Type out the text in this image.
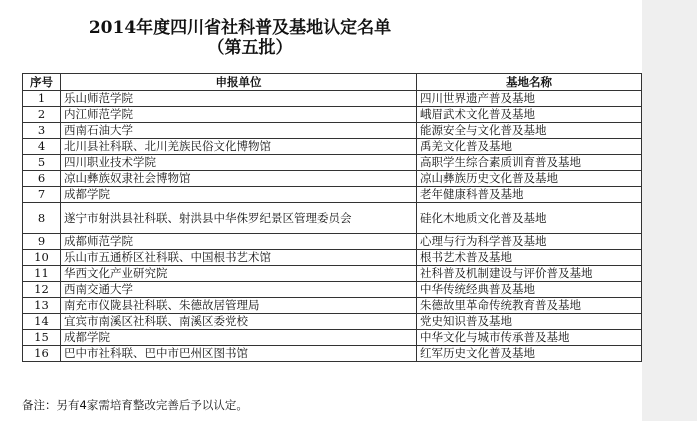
2014年度四川省社科普及基地认定名单
（第五批）
序号	申报单位	基地名称
1	乐山师范学院	四川世界遗产普及基地
2	内江师范学院	峨眉武术文化普及基地
3	西南石油大学	能源安全与文化普及基地
4	北川县社科联、北川羌族民俗文化博物馆	禹羌文化普及基地
5	四川职业技术学院	高职学生综合素质训育普及基地
6	凉山彝族奴隶社会博物馆	凉山彝族历史文化普及基地
7	成都学院	老年健康科普及基地
8	遂宁市射洪县社科联、射洪县中华侏罗纪景区管理委员会	硅化木地质文化普及基地
9	成都师范学院	心理与行为科学普及基地
10	乐山市五通桥区社科联、中国根书艺术馆	根书艺术普及基地
11	华西文化产业研究院	社科普及机制建设与评价普及基地
12	西南交通大学	中华传统经典普及基地
13	南充市仪陇县社科联、朱德故居管理局	朱德故里革命传统教育普及基地
14	宜宾市南溪区社科联、南溪区委党校	党史知识普及基地
15	成都学院	中华文化与城市传承普及基地
16	巴中市社科联、巴中市巴州区图书馆	红军历史文化普及基地
备注：另有4家需培育整改完善后予以认定。
